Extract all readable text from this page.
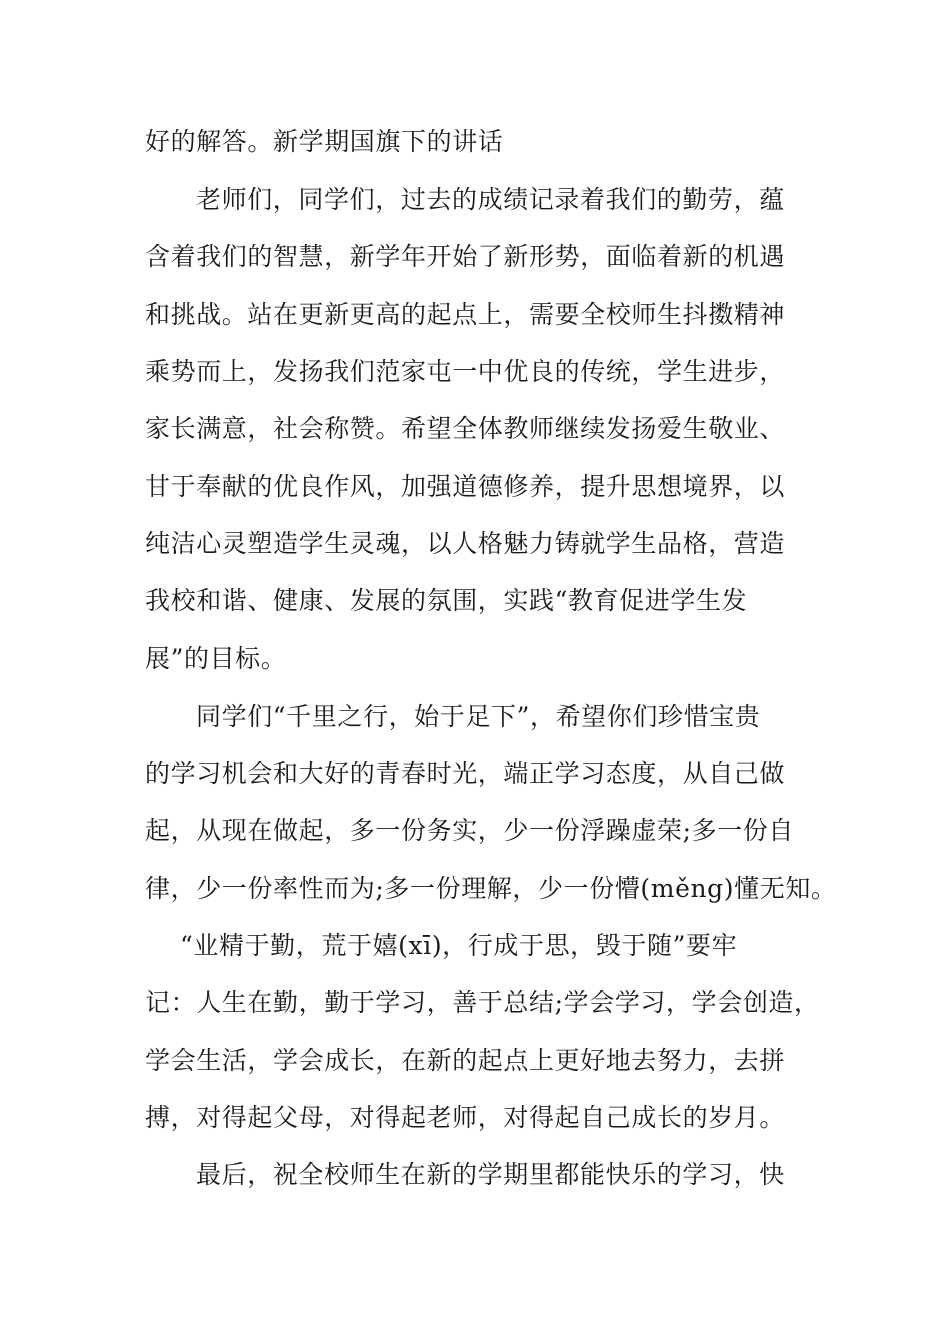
好的解答。新学期国旗下的讲话
老师们，同学们，过去的成绩记录着我们的勤劳，蕴
含着我们的智慧，新学年开始了新形势，面临着新的机遇
和挑战。站在更新更高的起点上，需要全校师生抖擞精神
乘势而上，发扬我们范家屯一中优良的传统，学生进步，
家长满意，社会称赞。希望全体教师继续发扬爱生敬业、
甘于奉献的优良作风，加强道德修养，提升思想境界，以
纯洁心灵塑造学生灵魂，以人格魅力铸就学生品格，营造
我校和谐、健康、发展的氛围，实践“教育促进学生发
展”的目标。
同学们“千里之行，始于足下”，希望你们珍惜宝贵
的学习机会和大好的青春时光，端正学习态度，从自己做
起，从现在做起，多一份务实，少一份浮躁虚荣;多一份自
律，少一份率性而为;多一份理解，少一份懵(měng)懂无知。
“业精于勤，荒于嬉(xī)，行成于思，毁于随”要牢
记：人生在勤，勤于学习，善于总结;学会学习，学会创造，
学会生活，学会成长，在新的起点上更好地去努力，去拼
搏，对得起父母，对得起老师，对得起自己成长的岁月。
最后，祝全校师生在新的学期里都能快乐的学习，快
